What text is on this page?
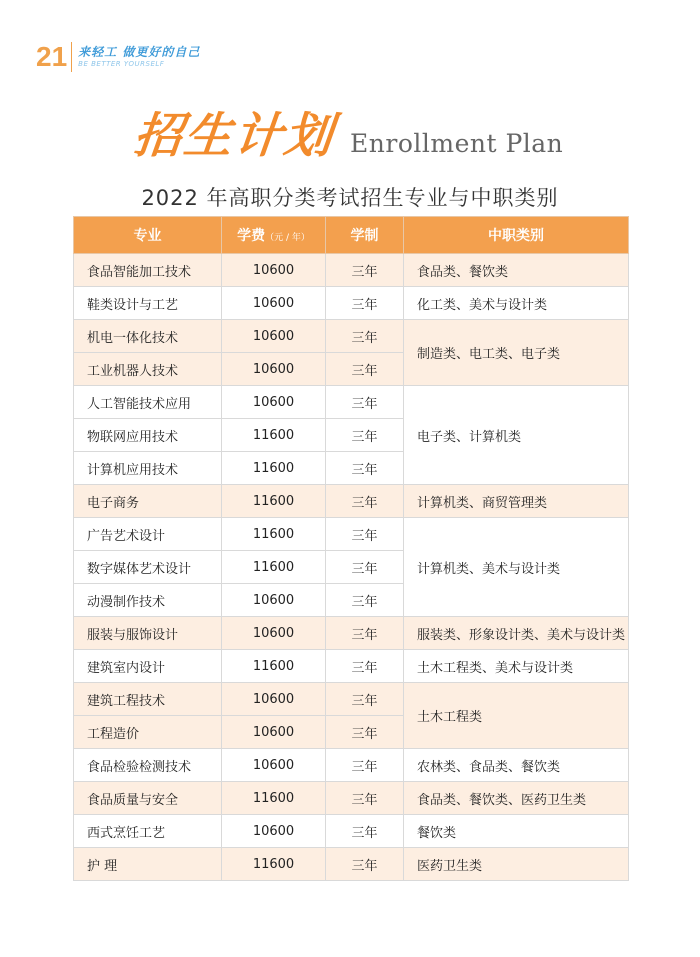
21 来轻工 做更好的自己
BE BETTER YOURSELF
招生计划 Enrollment Plan
2022 年高职分类考试招生专业与中职类别
专业	学费（元 / 年）	学制	中职类别
食品智能加工技术	10600	三年	食品类、餐饮类
鞋类设计与工艺	10600	三年	化工类、美术与设计类
机电一体化技术	10600	三年	制造类、电工类、电子类
工业机器人技术	10600	三年	
人工智能技术应用	10600	三年	电子类、计算机类
物联网应用技术	11600	三年	
计算机应用技术	11600	三年	
电子商务	11600	三年	计算机类、商贸管理类
广告艺术设计	11600	三年	计算机类、美术与设计类
数字媒体艺术设计	11600	三年	
动漫制作技术	10600	三年	
服装与服饰设计	10600	三年	服装类、形象设计类、美术与设计类
建筑室内设计	11600	三年	土木工程类、美术与设计类
建筑工程技术	10600	三年	土木工程类
工程造价	10600	三年	
食品检验检测技术	10600	三年	农林类、食品类、餐饮类
食品质量与安全	11600	三年	食品类、餐饮类、医药卫生类
西式烹饪工艺	10600	三年	餐饮类
护 理	11600	三年	医药卫生类
